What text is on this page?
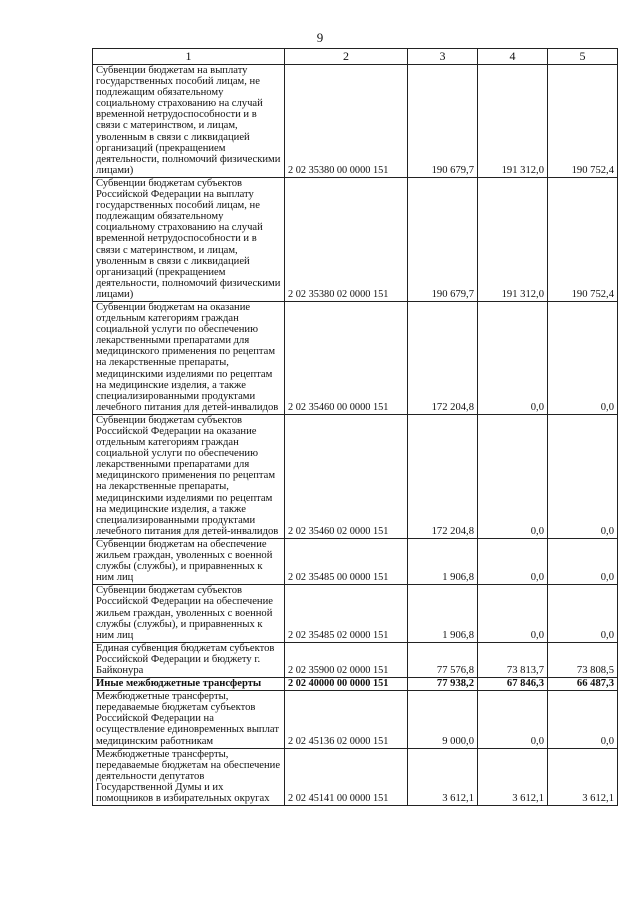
9
1	2	3	4	5
Субвенции бюджетам на выплату государственных пособий лицам, не подлежащим обязательному социальному страхованию на случай временной нетрудоспособности и в связи с материнством, и лицам, уволенным в связи с ликвидацией организаций (прекращением деятельности, полномочий физическими лицами)	2 02 35380 00 0000 151	190 679,7	191 312,0	190 752,4
Субвенции бюджетам субъектов Российской Федерации на выплату государственных пособий лицам, не подлежащим обязательному социальному страхованию на случай временной нетрудоспособности и в связи с материнством, и лицам, уволенным в связи с ликвидацией организаций (прекращением деятельности, полномочий физическими лицами)	2 02 35380 02 0000 151	190 679,7	191 312,0	190 752,4
Субвенции бюджетам на оказание отдельным категориям граждан социальной услуги по обеспечению лекарственными препаратами для медицинского применения по рецептам на лекарственные препараты, медицинскими изделиями по рецептам на медицинские изделия, а также специализированными продуктами лечебного питания для детей-инвалидов	2 02 35460 00 0000 151	172 204,8	0,0	0,0
Субвенции бюджетам субъектов Российской Федерации на оказание отдельным категориям граждан социальной услуги по обеспечению лекарственными препаратами для медицинского применения по рецептам на лекарственные препараты, медицинскими изделиями по рецептам на медицинские изделия, а также специализированными продуктами лечебного питания для детей-инвалидов	2 02 35460 02 0000 151	172 204,8	0,0	0,0
Субвенции бюджетам на обеспечение жильем граждан, уволенных с военной службы (службы), и приравненных к ним лиц	2 02 35485 00 0000 151	1 906,8	0,0	0,0
Субвенции бюджетам субъектов Российской Федерации на обеспечение жильем граждан, уволенных с военной службы (службы), и приравненных к ним лиц	2 02 35485 02 0000 151	1 906,8	0,0	0,0
Единая субвенция бюджетам субъектов Российской Федерации и бюджету г. Байконура	2 02 35900 02 0000 151	77 576,8	73 813,7	73 808,5
Иные межбюджетные трансферты	2 02 40000 00 0000 151	77 938,2	67 846,3	66 487,3
Межбюджетные трансферты, передаваемые бюджетам субъектов Российской Федерации на осуществление единовременных выплат медицинским работникам	2 02 45136 02 0000 151	9 000,0	0,0	0,0
Межбюджетные трансферты, передаваемые бюджетам на обеспечение деятельности депутатов Государственной Думы и их помощников в избирательных округах	2 02 45141 00 0000 151	3 612,1	3 612,1	3 612,1
